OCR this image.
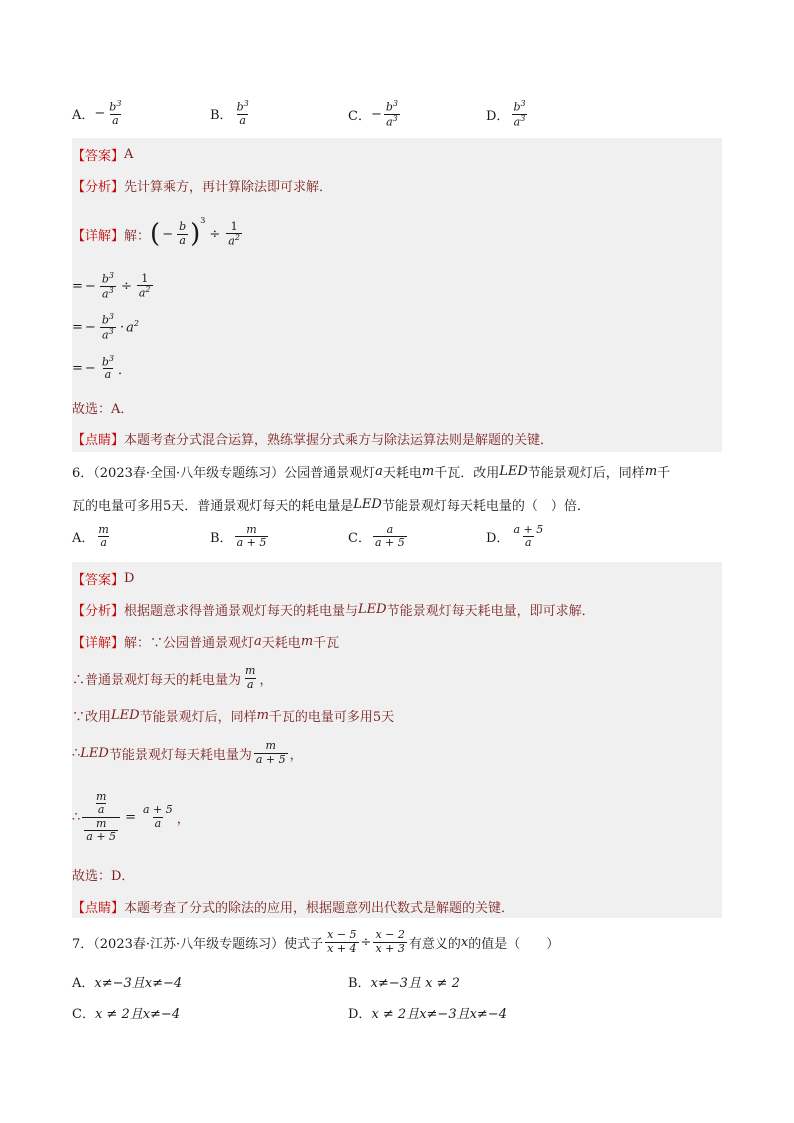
A． − $\frac{b^3}{a}$	B． $\frac{b^3}{a}$	C． − $\frac{b^3}{a^3}$	D． $\frac{b^3}{a^3}$
【答案】 A
【分析】 先计算乘方，再计算除法即可求解．
【详解】 解： ( − $\frac{b}{a} )^3$
÷ $\frac{1}{a^2}$
= − $\frac{b^3}{a^3} \div \frac{1}{a^2}$
= − $\frac{b^3}{a^3} \cdot a^2$
= − $\frac{b^3}{a}$ ．
故选：A．
【点睛】 本题考查分式混合运算，熟练掌握分式乘方与除法运算法则是解题的关键．
6．（2023春·全国·八年级专题练习）公园普通景观灯 a 天耗电 m 千瓦．改用 LED 节能景观灯后，同样 m 千
瓦的电量可多用5天．普通景观灯每天的耗电量是 LED 节能景观灯每天耗电量的（　）倍．
A． $\frac{m}{a}$	B． $\frac{m}{a + 5}$	C． $\frac{a}{a + 5}$	D． $\frac{a + 5}{a}$
【答案】 D
【分析】 根据题意求得普通景观灯每天的耗电量与 LED 节能景观灯每天耗电量，即可求解．
【详解】 解：∵公园普通景观灯 a 天耗电 m 千瓦
∴普通景观灯每天的耗电量为 $\frac{m}{a}$ ，
∵改用 LED 节能景观灯后，同样 m 千瓦的电量可多用5天
∴ LED 节能景观灯每天耗电量为 $\frac{m}{a + 5}$ ，
∴ $\frac{\frac{m}{a}}{\frac{m}{a + 5}} = \frac{a + 5}{a}$ ，
故选：D．
【点睛】 本题考查了分式的除法的应用，根据题意列出代数式是解题的关键．
7．（2023春·江苏·八年级专题练习）使式子 $\frac{x - 5}{x + 4} \div \frac{x - 2}{x + 3}$ 有意义的 x 的值是（　　）
A． x≠−3且x≠−4	B． x≠−3且 x ≠ 2
C． x ≠ 2且x≠−4	D． x ≠ 2且x≠−3且x≠−4
